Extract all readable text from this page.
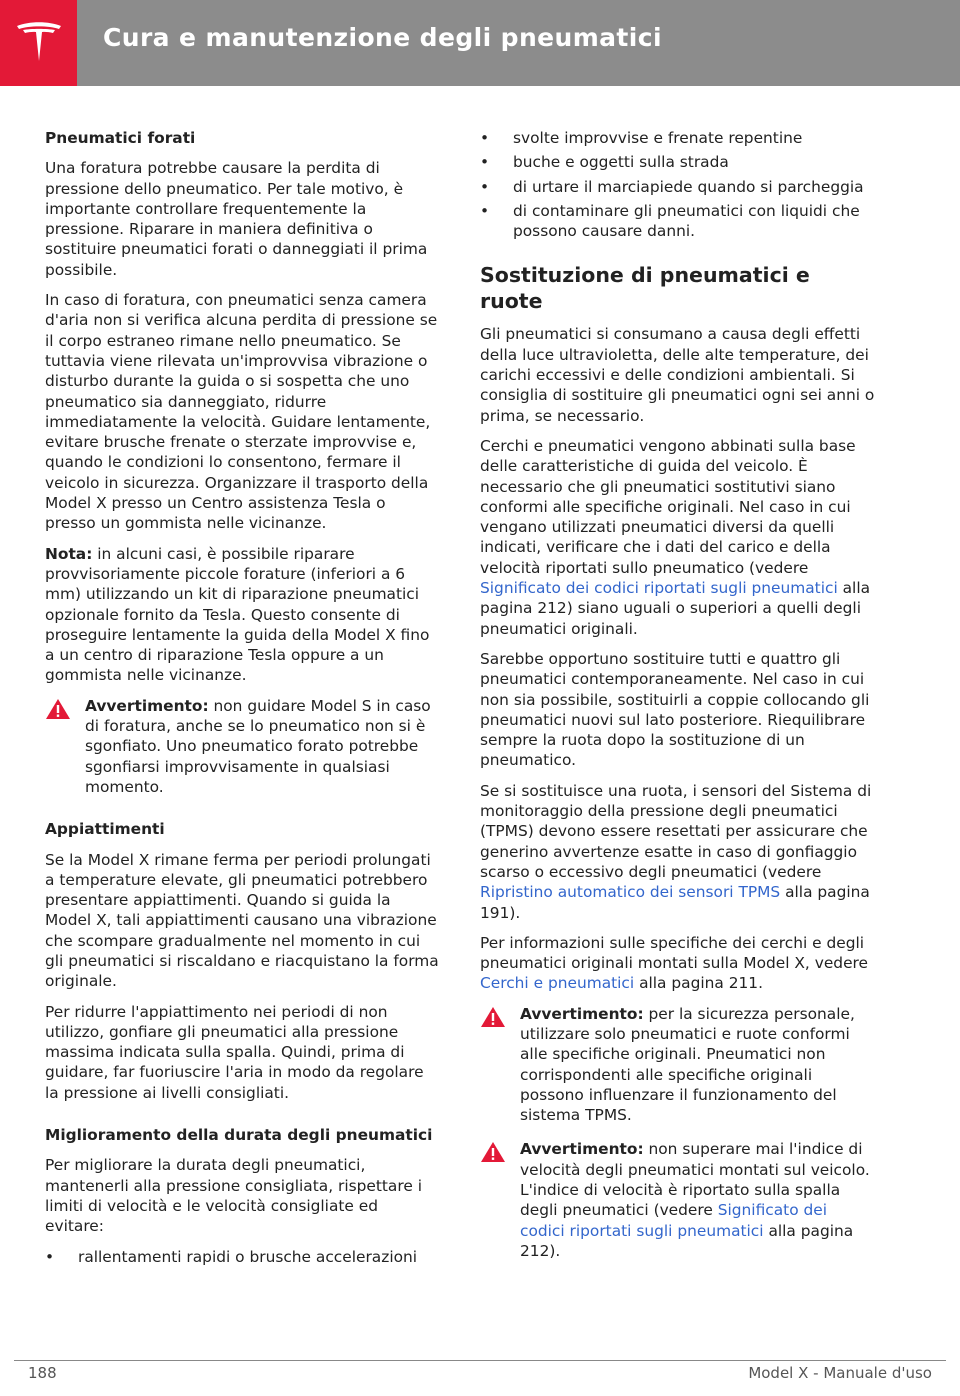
Cura e manutenzione degli pneumatici
Pneumatici forati

Una foratura potrebbe causare la perdita di pressione dello pneumatico. Per tale motivo, è importante controllare frequentemente la pressione. Riparare in maniera definitiva o sostituire pneumatici forati o danneggiati il prima possibile.

In caso di foratura, con pneumatici senza camera d'aria non si verifica alcuna perdita di pressione se il corpo estraneo rimane nello pneumatico. Se tuttavia viene rilevata un'improvvisa vibrazione o disturbo durante la guida o si sospetta che uno pneumatico sia danneggiato, ridurre immediatamente la velocità. Guidare lentamente, evitare brusche frenate o sterzate improvvise e, quando le condizioni lo consentono, fermare il veicolo in sicurezza. Organizzare il trasporto della Model X presso un Centro assistenza Tesla o presso un gommista nelle vicinanze.

Nota: in alcuni casi, è possibile riparare provvisoriamente piccole forature (inferiori a 6 mm) utilizzando un kit di riparazione pneumatici opzionale fornito da Tesla. Questo consente di proseguire lentamente la guida della Model X fino a un centro di riparazione Tesla oppure a un gommista nelle vicinanze.

Avvertimento: non guidare Model S in caso di foratura, anche se lo pneumatico non si è sgonfiato. Uno pneumatico forato potrebbe sgonfiarsi improvvisamente in qualsiasi momento.
Appiattimenti

Se la Model X rimane ferma per periodi prolungati a temperature elevate, gli pneumatici potrebbero presentare appiattimenti. Quando si guida la Model X, tali appiattimenti causano una vibrazione che scompare gradualmente nel momento in cui gli pneumatici si riscaldano e riacquistano la forma originale.

Per ridurre l'appiattimento nei periodi di non utilizzo, gonfiare gli pneumatici alla pressione massima indicata sulla spalla. Quindi, prima di guidare, far fuoriuscire l'aria in modo da regolare la pressione ai livelli consigliati.

Miglioramento della durata degli pneumatici

Per migliorare la durata degli pneumatici, mantenerli alla pressione consigliata, rispettare i limiti di velocità e le velocità consigliate ed evitare:

• rallentamenti rapidi o brusche accelerazioni
• svolte improvvise e frenate repentine
• buche e oggetti sulla strada
• di urtare il marciapiede quando si parcheggia
• di contaminare gli pneumatici con liquidi che possono causare danni.
Sostituzione di pneumatici e ruote

Gli pneumatici si consumano a causa degli effetti della luce ultravioletta, delle alte temperature, dei carichi eccessivi e delle condizioni ambientali. Si consiglia di sostituire gli pneumatici ogni sei anni o prima, se necessario.

Cerchi e pneumatici vengono abbinati sulla base delle caratteristiche di guida del veicolo. È necessario che gli pneumatici sostitutivi siano conformi alle specifiche originali. Nel caso in cui vengano utilizzati pneumatici diversi da quelli indicati, verificare che i dati del carico e della velocità riportati sullo pneumatico (vedere Significato dei codici riportati sugli pneumatici alla pagina 212) siano uguali o superiori a quelli degli pneumatici originali.

Sarebbe opportuno sostituire tutti e quattro gli pneumatici contemporaneamente. Nel caso in cui non sia possibile, sostituirli a coppie collocando gli pneumatici nuovi sul lato posteriore. Riequilibrare sempre la ruota dopo la sostituzione di un pneumatico.

Se si sostituisce una ruota, i sensori del Sistema di monitoraggio della pressione degli pneumatici (TPMS) devono essere resettati per assicurare che generino avvertenze esatte in caso di gonfiaggio scarso o eccessivo degli pneumatici (vedere Ripristino automatico dei sensori TPMS alla pagina 191).

Per informazioni sulle specifiche dei cerchi e degli pneumatici originali montati sulla Model X, vedere Cerchi e pneumatici alla pagina 211.

Avvertimento: per la sicurezza personale, utilizzare solo pneumatici e ruote conformi alle specifiche originali. Pneumatici non corrispondenti alle specifiche originali possono influenzare il funzionamento del sistema TPMS.
Avvertimento: non superare mai l'indice di velocità degli pneumatici montati sul veicolo. L'indice di velocità è riportato sulla spalla degli pneumatici (vedere Significato dei codici riportati sugli pneumatici alla pagina 212).
188	Model X - Manuale d'uso
